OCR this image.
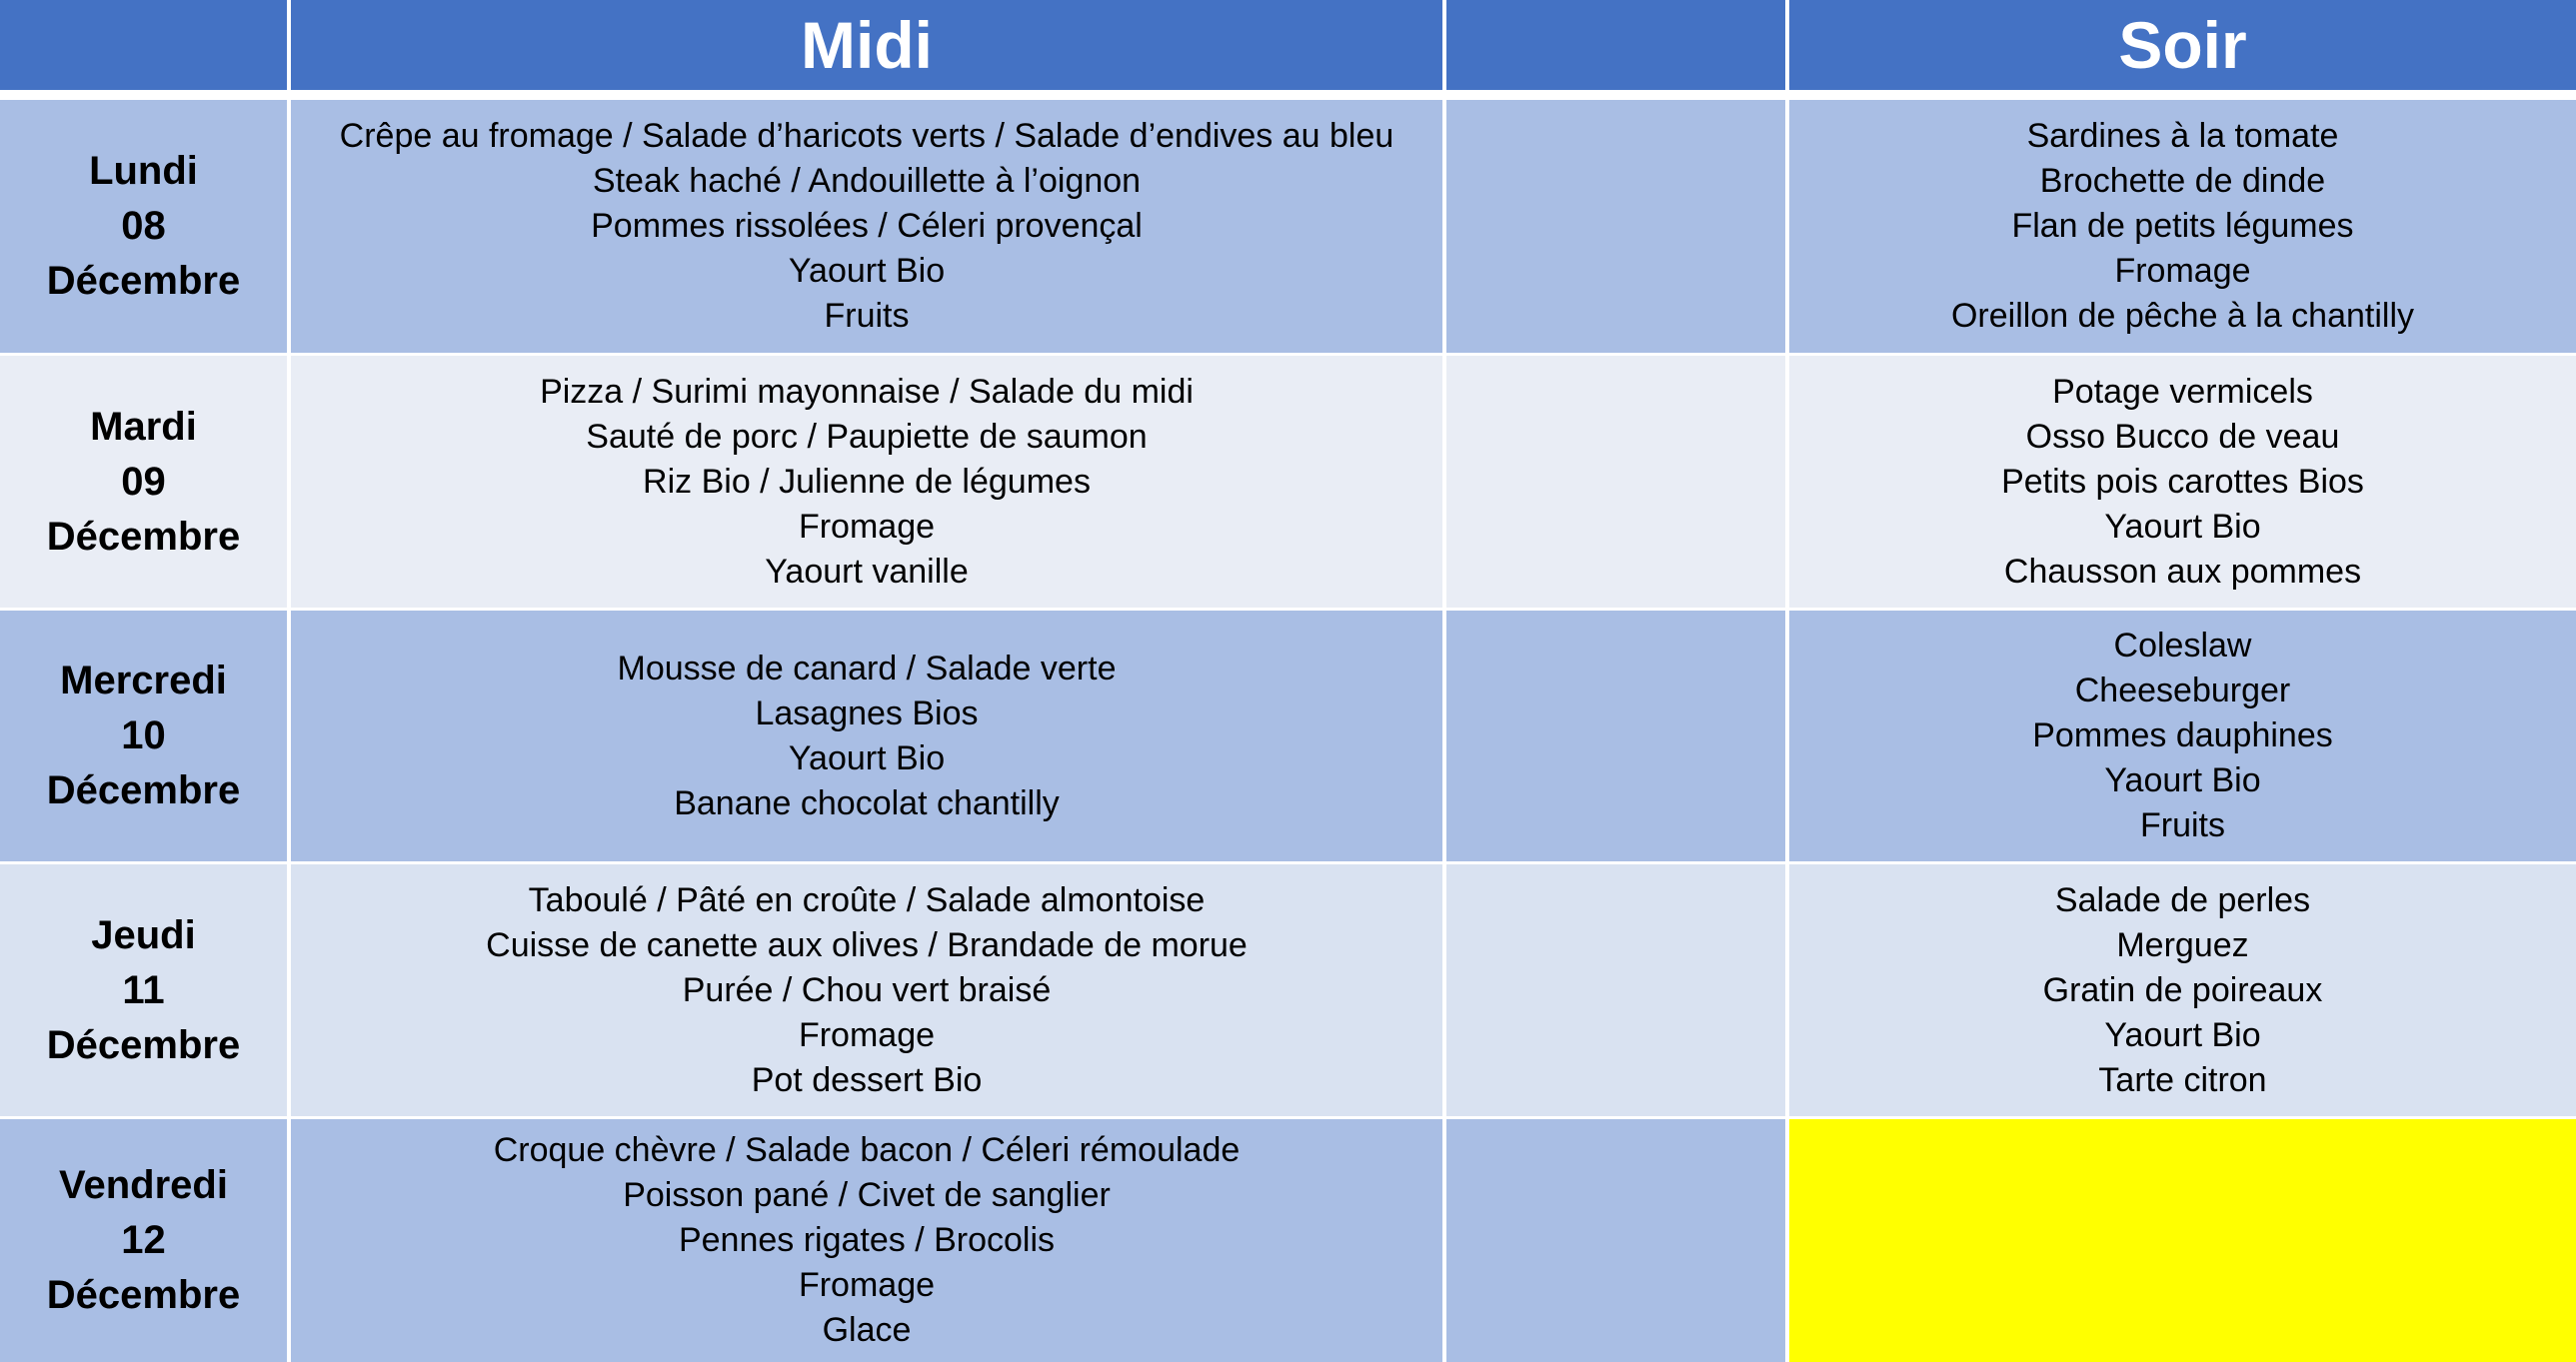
Midi	Soir
Lundi
08
Décembre
Crêpe au fromage / Salade d’haricots verts / Salade d’endives au bleu
Steak haché / Andouillette à l’oignon
Pommes rissolées / Céleri provençal
Yaourt Bio
Fruits
Sardines à la tomate
Brochette de dinde
Flan de petits légumes
Fromage
Oreillon de pêche à la chantilly
Mardi
09
Décembre
Pizza / Surimi mayonnaise / Salade du midi
Sauté de porc / Paupiette de saumon
Riz Bio / Julienne de légumes
Fromage
Yaourt vanille
Potage vermicels
Osso Bucco de veau
Petits pois carottes Bios
Yaourt Bio
Chausson aux pommes
Mercredi
10
Décembre
Mousse de canard / Salade verte
Lasagnes Bios
Yaourt Bio
Banane chocolat chantilly
Coleslaw
Cheeseburger
Pommes dauphines
Yaourt Bio
Fruits
Jeudi
11
Décembre
Taboulé / Pâté en croûte / Salade almontoise
Cuisse de canette aux olives / Brandade de morue
Purée / Chou vert braisé
Fromage
Pot dessert Bio
Salade de perles
Merguez
Gratin de poireaux
Yaourt Bio
Tarte citron
Vendredi
12
Décembre
Croque chèvre / Salade bacon / Céleri rémoulade
Poisson pané / Civet de sanglier
Pennes rigates / Brocolis
Fromage
Glace
